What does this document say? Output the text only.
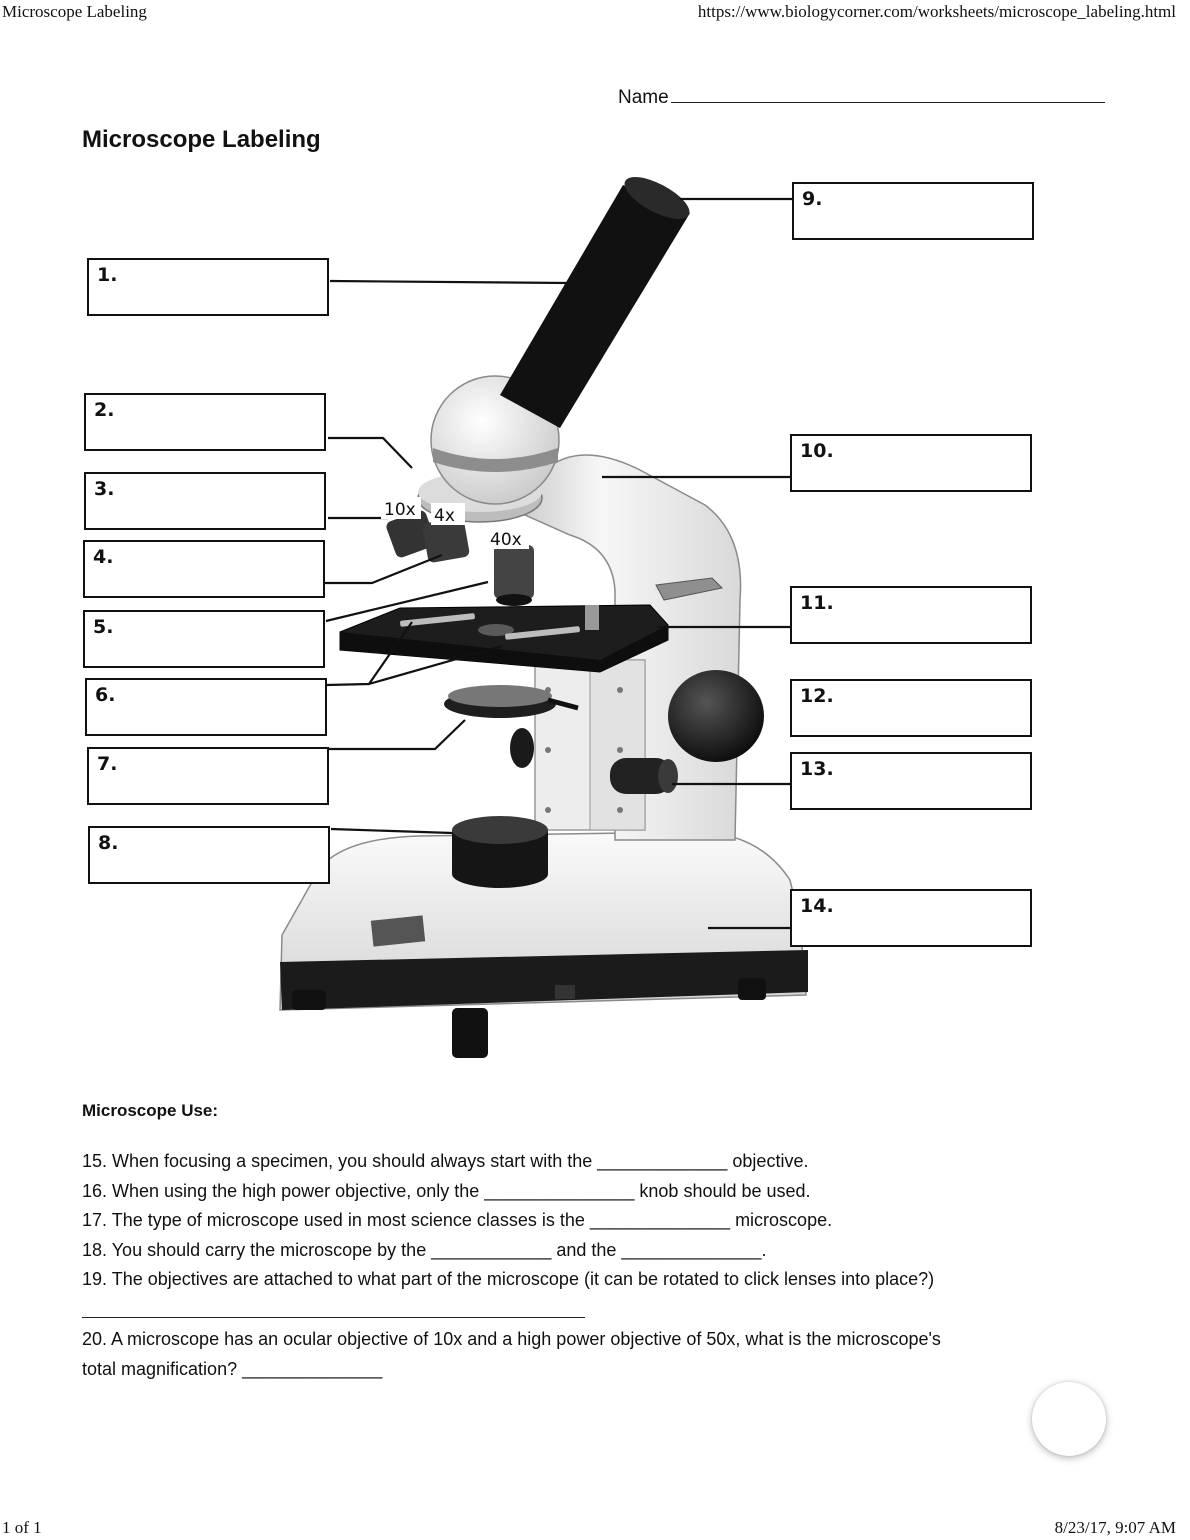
Microscope Labeling	https://www.biologycorner.com/worksheets/microscope_labeling.html
Name
Microscope Labeling
10x 4x
40x
1.
2.
3.
4.
5.
6.
7.
8.
9.
10.
11.
12.
13.
14.
Microscope Use:
15. When focusing a specimen, you should always start with the _____________ objective.
16. When using the high power objective, only the _______________ knob should be used.
17. The type of microscope used in most science classes is the ______________ microscope.
18. You should carry the microscope by the ____________ and the ______________.
19. The objectives are attached to what part of the microscope (it can be rotated to click lenses into place?)
20. A microscope has an ocular objective of 10x and a high power objective of 50x, what is the microscope's
total magnification? ______________
1 of 1	8/23/17, 9:07 AM
